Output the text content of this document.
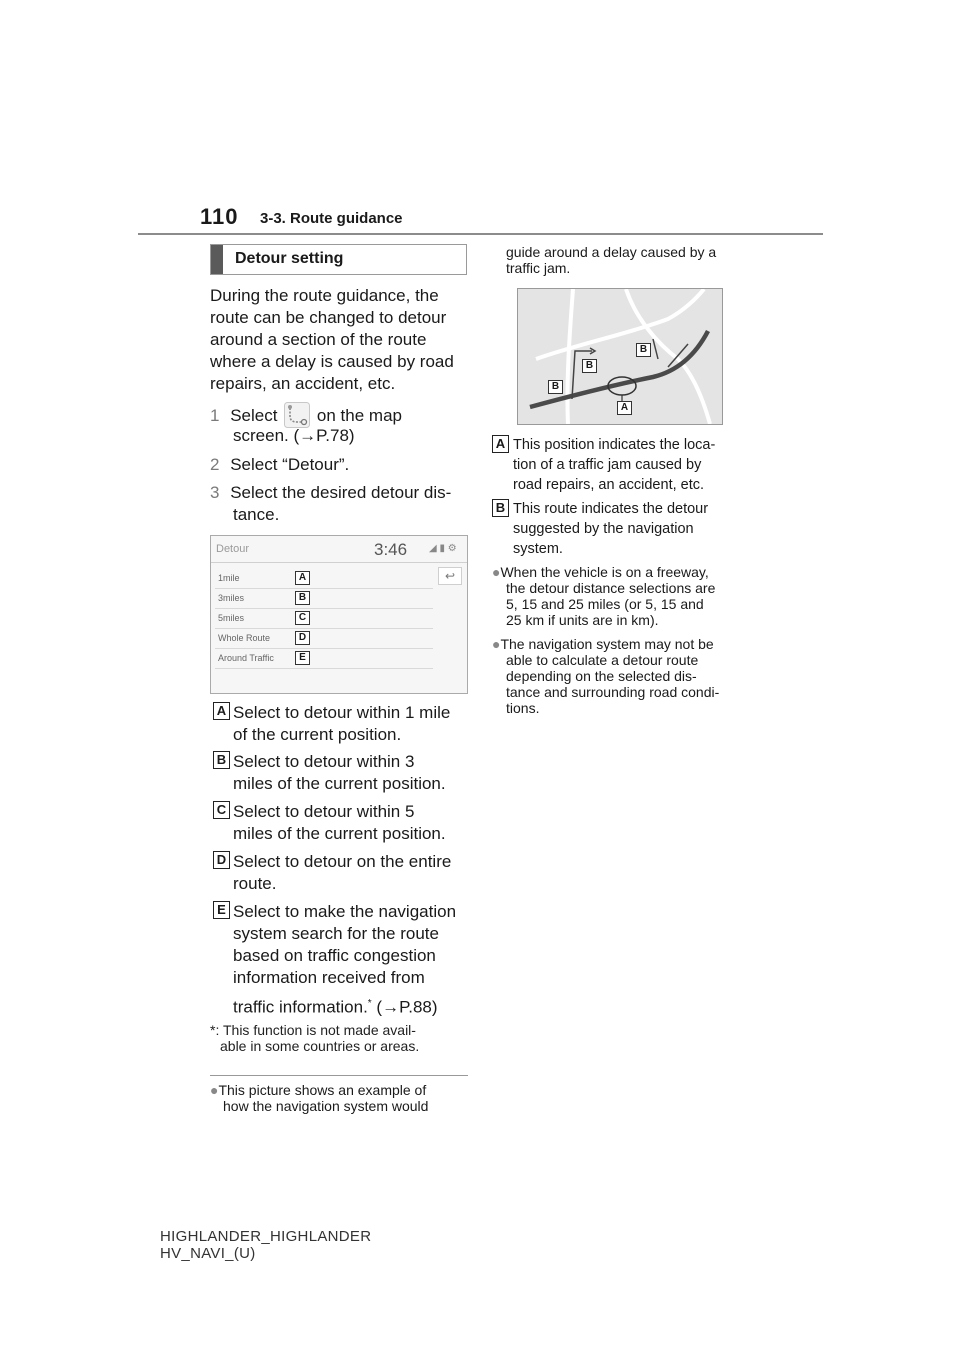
110 3-3. Route guidance
Detour setting
During the route guidance, the
route can be changed to detour
around a section of the route
where a delay is caused by road
repairs, an accident, etc.
1 Select on the map
screen. (→P.78)
2 Select “Detour”.
3 Select the desired detour dis-
tance.
Detour	3:46 ◢ ▮ ⚙
1mile	A
3miles	B
5miles	C
Whole Route	D
Around Traffic	E
↩
A Select to detour within 1 mile
of the current position.
B Select to detour within 3
miles of the current position.
C Select to detour within 5
miles of the current position.
D Select to detour on the entire
route.
E Select to make the navigation
system search for the route
based on traffic congestion
information received from
traffic information.* (→P.88)
*: This function is not made avail-
able in some countries or areas.
●This picture shows an example of
how the navigation system would
guide around a delay caused by a
traffic jam.
B
B
B
A
A This position indicates the loca-
tion of a traffic jam caused by
road repairs, an accident, etc.
B This route indicates the detour
suggested by the navigation
system.
●When the vehicle is on a freeway,
the detour distance selections are
5, 15 and 25 miles (or 5, 15 and
25 km if units are in km).
●The navigation system may not be
able to calculate a detour route
depending on the selected dis-
tance and surrounding road condi-
tions.
HIGHLANDER_HIGHLANDER
HV_NAVI_(U)
